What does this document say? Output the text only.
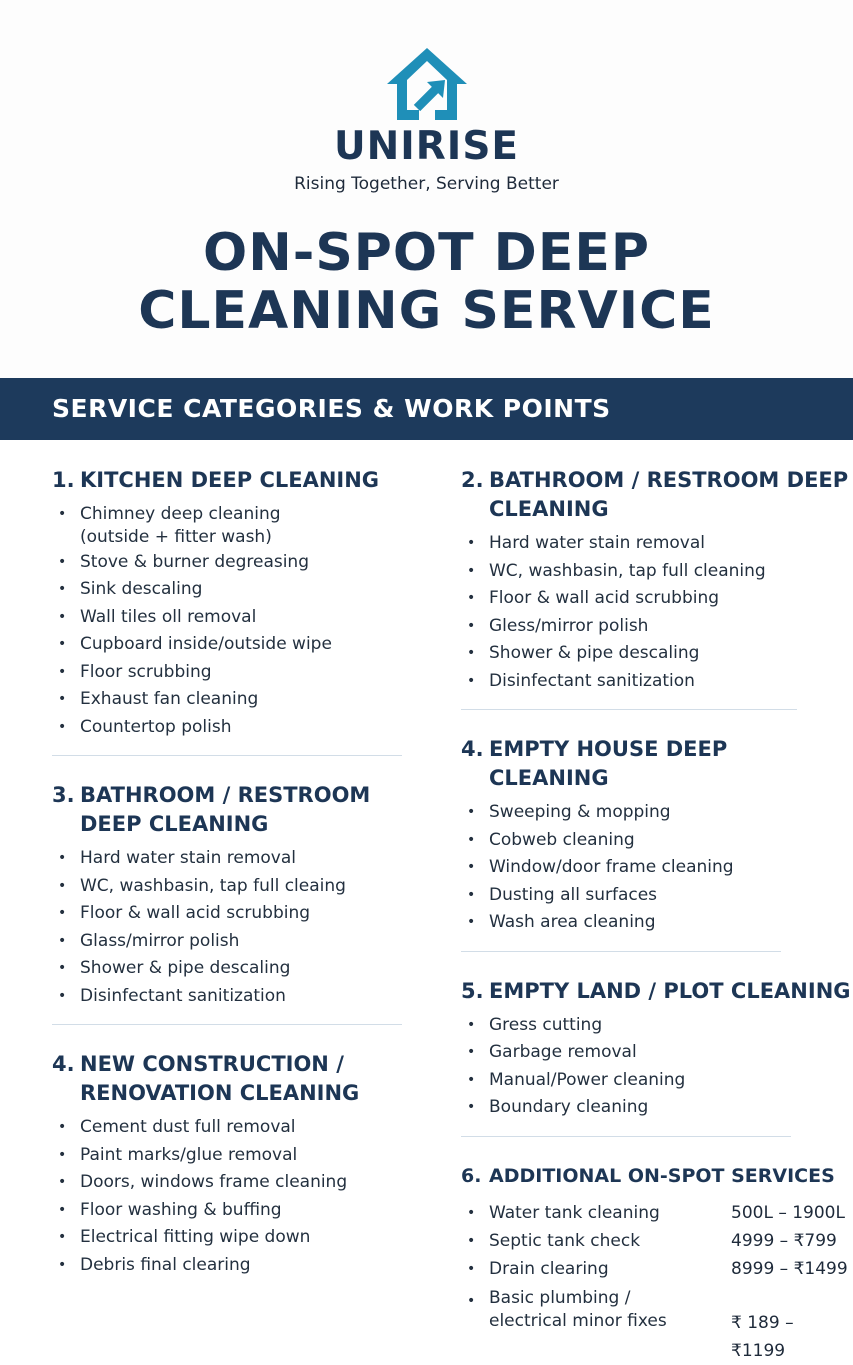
UNIRISE
Rising Together, Serving Better
ON-SPOT DEEP
CLEANING SERVICE
SERVICE CATEGORIES & WORK POINTS
1. KITCHEN DEEP CLEANING
• Chimney deep cleaning
(outside + fitter wash)
• Stove & burner degreasing
• Sink descaling
• Wall tiles oll removal
• Cupboard inside/outside wipe
• Floor scrubbing
• Exhaust fan cleaning
• Countertop polish
3. BATHROOM / RESTROOM DEEP CLEANING
• Hard water stain removal
• WC, washbasin, tap full cleaing
• Floor & wall acid scrubbing
• Glass/mirror polish
• Shower & pipe descaling
• Disinfectant sanitization
4. NEW CONSTRUCTION / RENOVATION CLEANING
• Cement dust full removal
• Paint marks/glue removal
• Doors, windows frame cleaning
• Floor washing & buffing
• Electrical fitting wipe down
• Debris final clearing
2. BATHROOM / RESTROOM DEEP CLEANING
• Hard water stain removal
• WC, washbasin, tap full cleaning
• Floor & wall acid scrubbing
• Gless/mirror polish
• Shower & pipe descaling
• Disinfectant sanitization
4. EMPTY HOUSE DEEP CLEANING
• Sweeping & mopping
• Cobweb cleaning
• Window/door frame cleaning
• Dusting all surfaces
• Wash area cleaning
5. EMPTY LAND / PLOT CLEANING
• Gress cutting
• Garbage removal
• Manual/Power cleaning
• Boundary cleaning
6. ADDITIONAL ON-SPOT SERVICES
• Water tank cleaning	500L – 1900L
• Septic tank check	4999 – ₹799
• Drain clearing	8999 – ₹1499
• Basic plumbing /
electrical minor fixes	₹ 189 – ₹1199
